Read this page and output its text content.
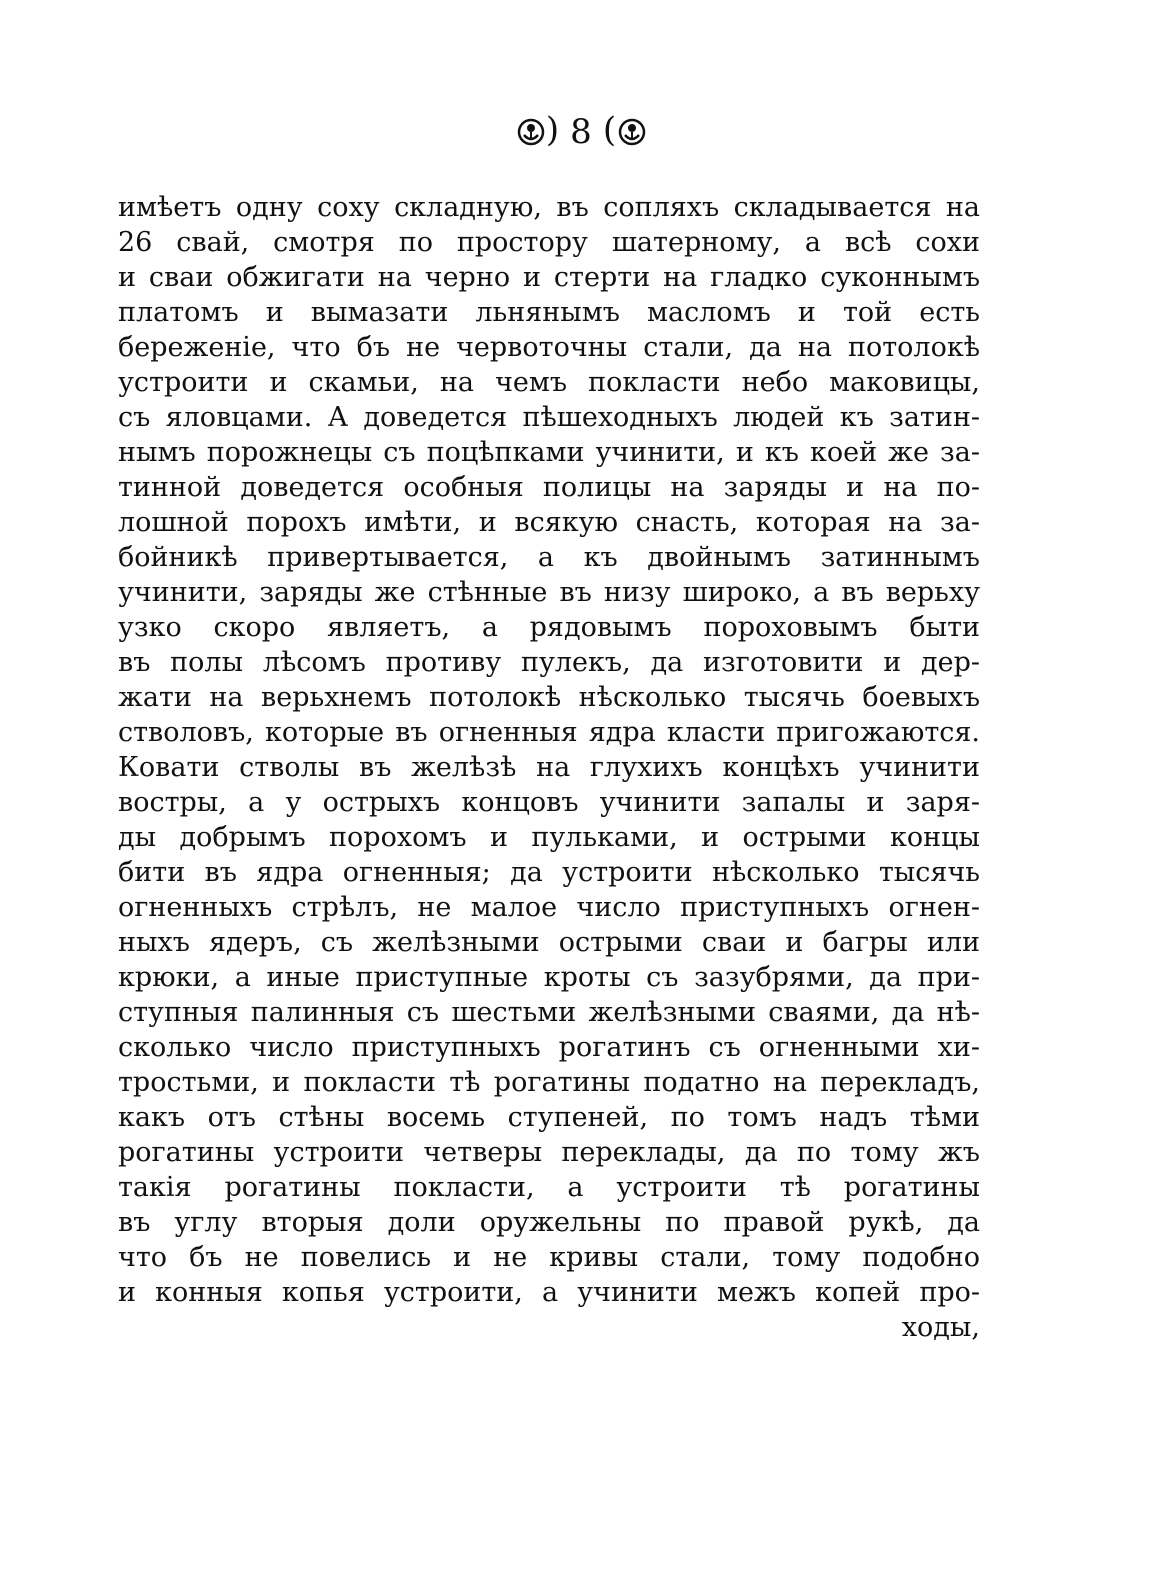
) 8 (
имѣетъ одну соху складную, въ сопляхъ складывается на
26 свай, смотря по простору шатерному, а всѣ сохи
и сваи обжигати на черно и стерти на гладко суконнымъ
платомъ и вымазати льнянымъ масломъ и той есть
береженіе, что бъ не червоточны стали, да на потолокѣ
устроити и скамьи, на чемъ покласти небо маковицы,
съ яловцами. А доведется пѣшеходныхъ людей къ затин-
нымъ порожнецы съ поцѣпками учинити, и къ коей же за-
тинной доведется особныя полицы на заряды и на по-
лошной порохъ имѣти, и всякую снасть, которая на за-
бойникѣ привертывается, а къ двойнымъ затиннымъ
учинити, заряды же стѣнные въ низу широко, а въ верьху
узко скоро являетъ, а рядовымъ пороховымъ быти
въ полы лѣсомъ противу пулекъ, да изготовити и дер-
жати на верьхнемъ потолокѣ нѣсколько тысячь боевыхъ
стволовъ, которые въ огненныя ядра класти пригожаются.
Ковати стволы въ желѣзѣ на глухихъ концѣхъ учинити
востры, а у острыхъ концовъ учинити запалы и заря-
ды добрымъ порохомъ и пульками, и острыми концы
бити въ ядра огненныя; да устроити нѣсколько тысячь
огненныхъ стрѣлъ, не малое число приступныхъ огнен-
ныхъ ядеръ, съ желѣзными острыми сваи и багры или
крюки, а иные приступные кроты съ зазубрями, да при-
ступныя палинныя съ шестьми желѣзными сваями, да нѣ-
сколько число приступныхъ рогатинъ съ огненными хи-
тростьми, и покласти тѣ рогатины податно на перекладъ,
какъ отъ стѣны восемь ступеней, по томъ надъ тѣми
рогатины устроити четверы переклады, да по тому жъ
такія рогатины покласти, а устроити тѣ рогатины
въ углу вторыя доли оружельны по правой рукѣ, да
что бъ не повелись и не кривы стали, тому подобно
и конныя копья устроити, а учинити межъ копей про-
ходы,
